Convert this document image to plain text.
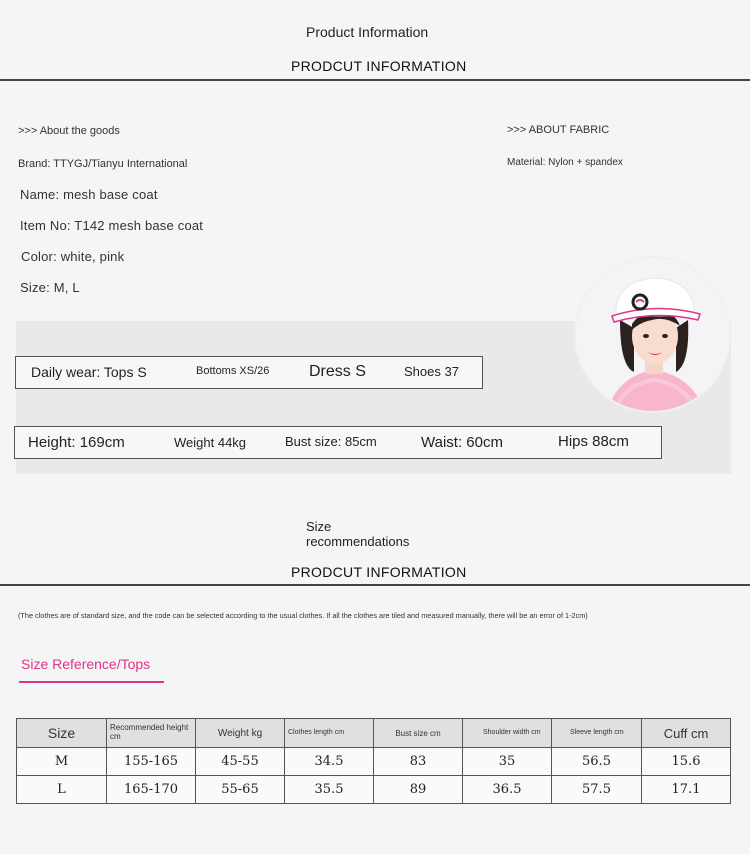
Product Information
PRODCUT INFORMATION
>>> About the goods
Brand: TTYGJ/Tianyu International
Name: mesh base coat
Item No: T142 mesh base coat
Color: white, pink
Size: M, L
>>> ABOUT FABRIC
Material: Nylon + spandex
Daily wear: Tops S	Bottoms XS/26 Dress S	Shoes 37
Height: 169cm	Weight 44kg	Bust size: 85cm	Waist: 60cm	Hips 88cm
Size
recommendations
PRODCUT INFORMATION
(The clothes are of standard size, and the code can be selected according to the usual clothes. If all the clothes are tiled and measured manually, there will be an error of 1-2cm)
Size Reference/Tops
Size	Recommended height cm	Weight kg	Clothes length cm	Bust size cm	Shoulder width cm	Sleeve length cm	Cuff cm
M	155-165	45-55	34.5	83	35	56.5	15.6
L	165-170	55-65	35.5	89	36.5	57.5	17.1
